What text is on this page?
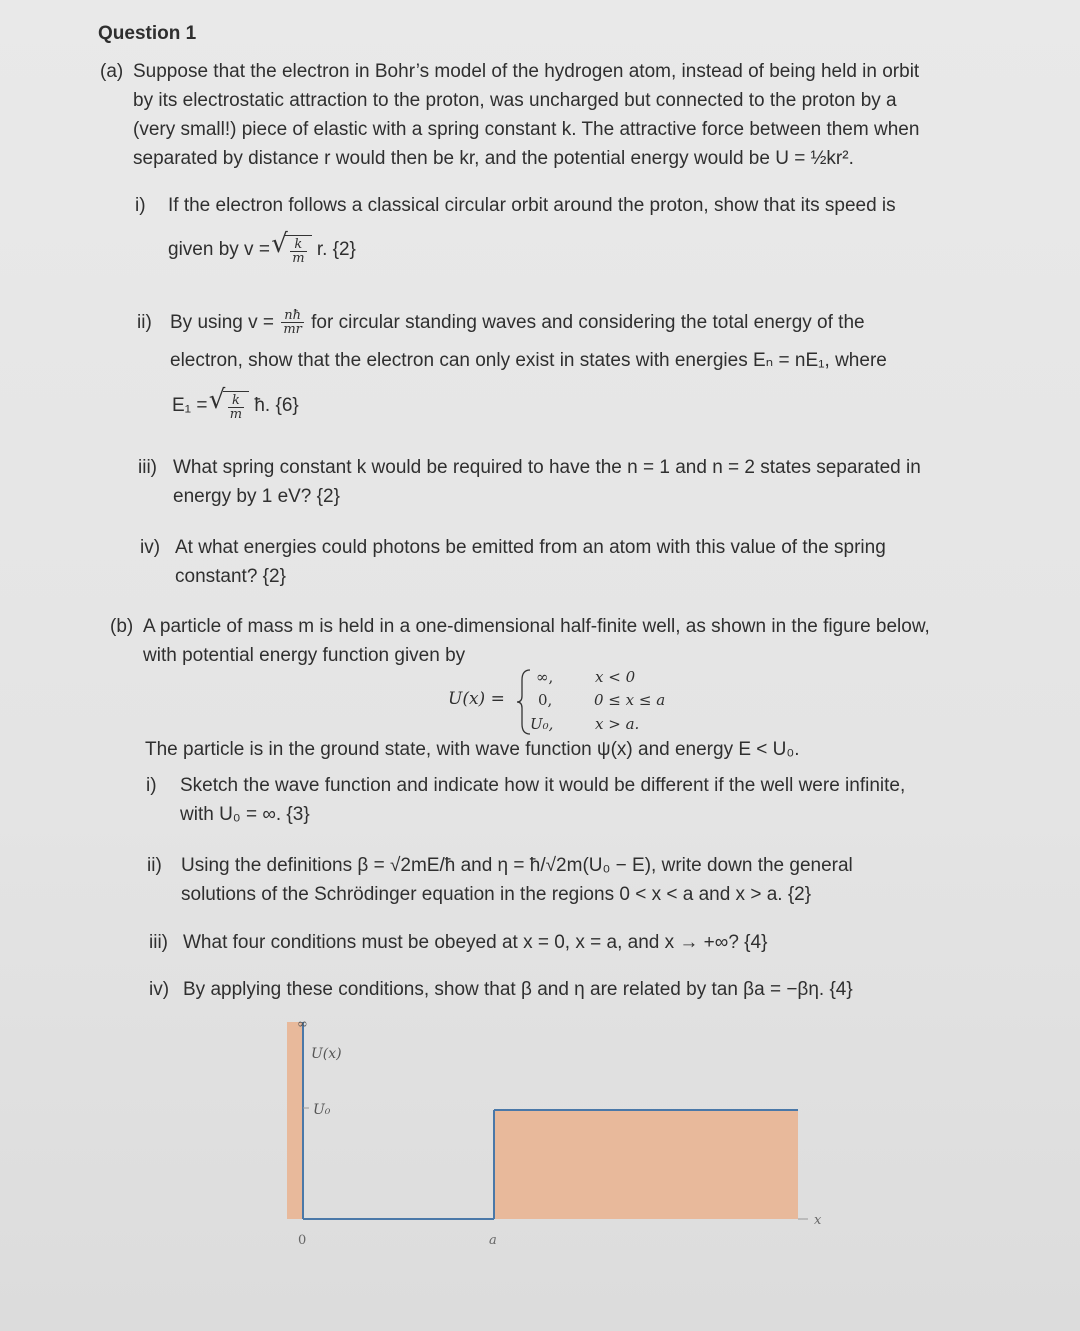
Question 1
(a) Suppose that the electron in Bohr’s model of the hydrogen atom, instead of being held in orbit
by its electrostatic attraction to the proton, was uncharged but connected to the proton by a
(very small!) piece of elastic with a spring constant k. The attractive force between them when
separated by distance r would then be kr, and the potential energy would be U = ½kr².
i) If the electron follows a classical circular orbit around the proton, show that its speed is
given by v = √ $\frac{k}{m} r$. {2}
ii) By using $v = \frac{nħ}{mr}$ for circular standing waves and considering the total energy of the
electron, show that the electron can only exist in states with energies Eₙ = nE₁, where
E₁ = √ $\frac{k}{m}$ ħ. {6}
iii) What spring constant k would be required to have the n = 1 and n = 2 states separated in
energy by 1 eV? {2}
iv) At what energies could photons be emitted from an atom with this value of the spring
constant? {2}
(b) A particle of mass m is held in a one-dimensional half-finite well, as shown in the figure below,
with potential energy function given by
U(x) =
∞,	x < 0
0,	0 ≤ x ≤ a
U₀,	x > a.
The particle is in the ground state, with wave function ψ(x) and energy E < U₀.
i) Sketch the wave function and indicate how it would be different if the well were infinite,
with U₀ = ∞. {3}
ii) Using the definitions β = √2mE/ħ and η = ħ/√2m(U₀ − E), write down the general
solutions of the Schrödinger equation in the regions 0 < x < a and x > a. {2}
iii) What four conditions must be obeyed at x = 0, x = a, and x → +∞? {4}
iv) By applying these conditions, show that β and η are related by tan βa = −βη. {4}
∞
U(x)
U₀
0	a
x
